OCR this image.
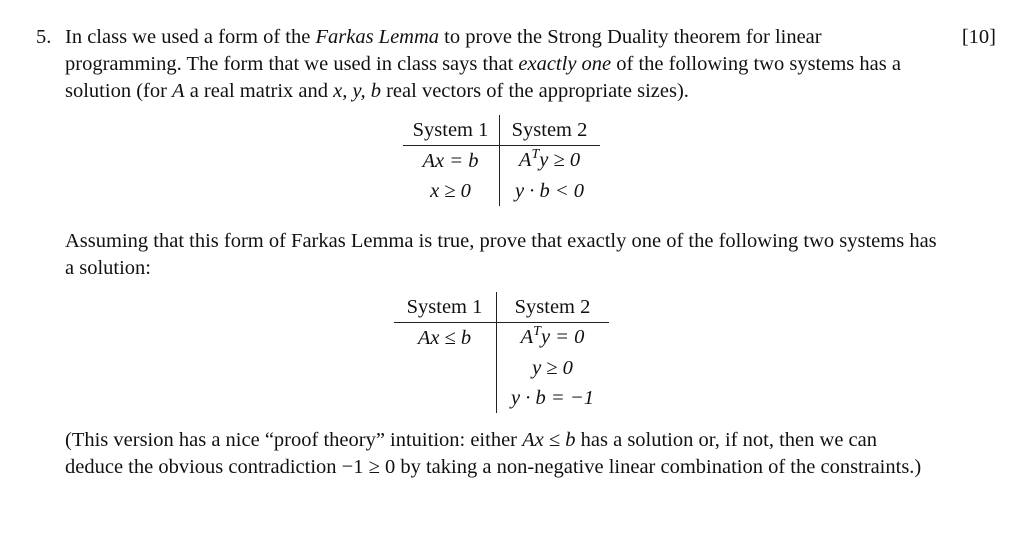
5.	[10]

In class we used a form of the Farkas Lemma to prove the Strong Duality theorem for linear programming. The form that we used in class says that exactly one of the following two systems has a solution (for A a real matrix and x, y, b real vectors of the appropriate sizes).

System 1	System 2
Ax = b	$A^Ty \ge 0$
x ≥ 0	y · b < 0

Assuming that this form of Farkas Lemma is true, prove that exactly one of the following two systems has a solution:

System 1	System 2
Ax ≤ b	$A^Ty = 0$
	y ≥ 0
	y · b = −1

(This version has a nice “proof theory” intuition: either Ax ≤ b has a solution or, if not, then we can deduce the obvious contradiction −1 ≥ 0 by taking a non-negative linear combination of the constraints.)
